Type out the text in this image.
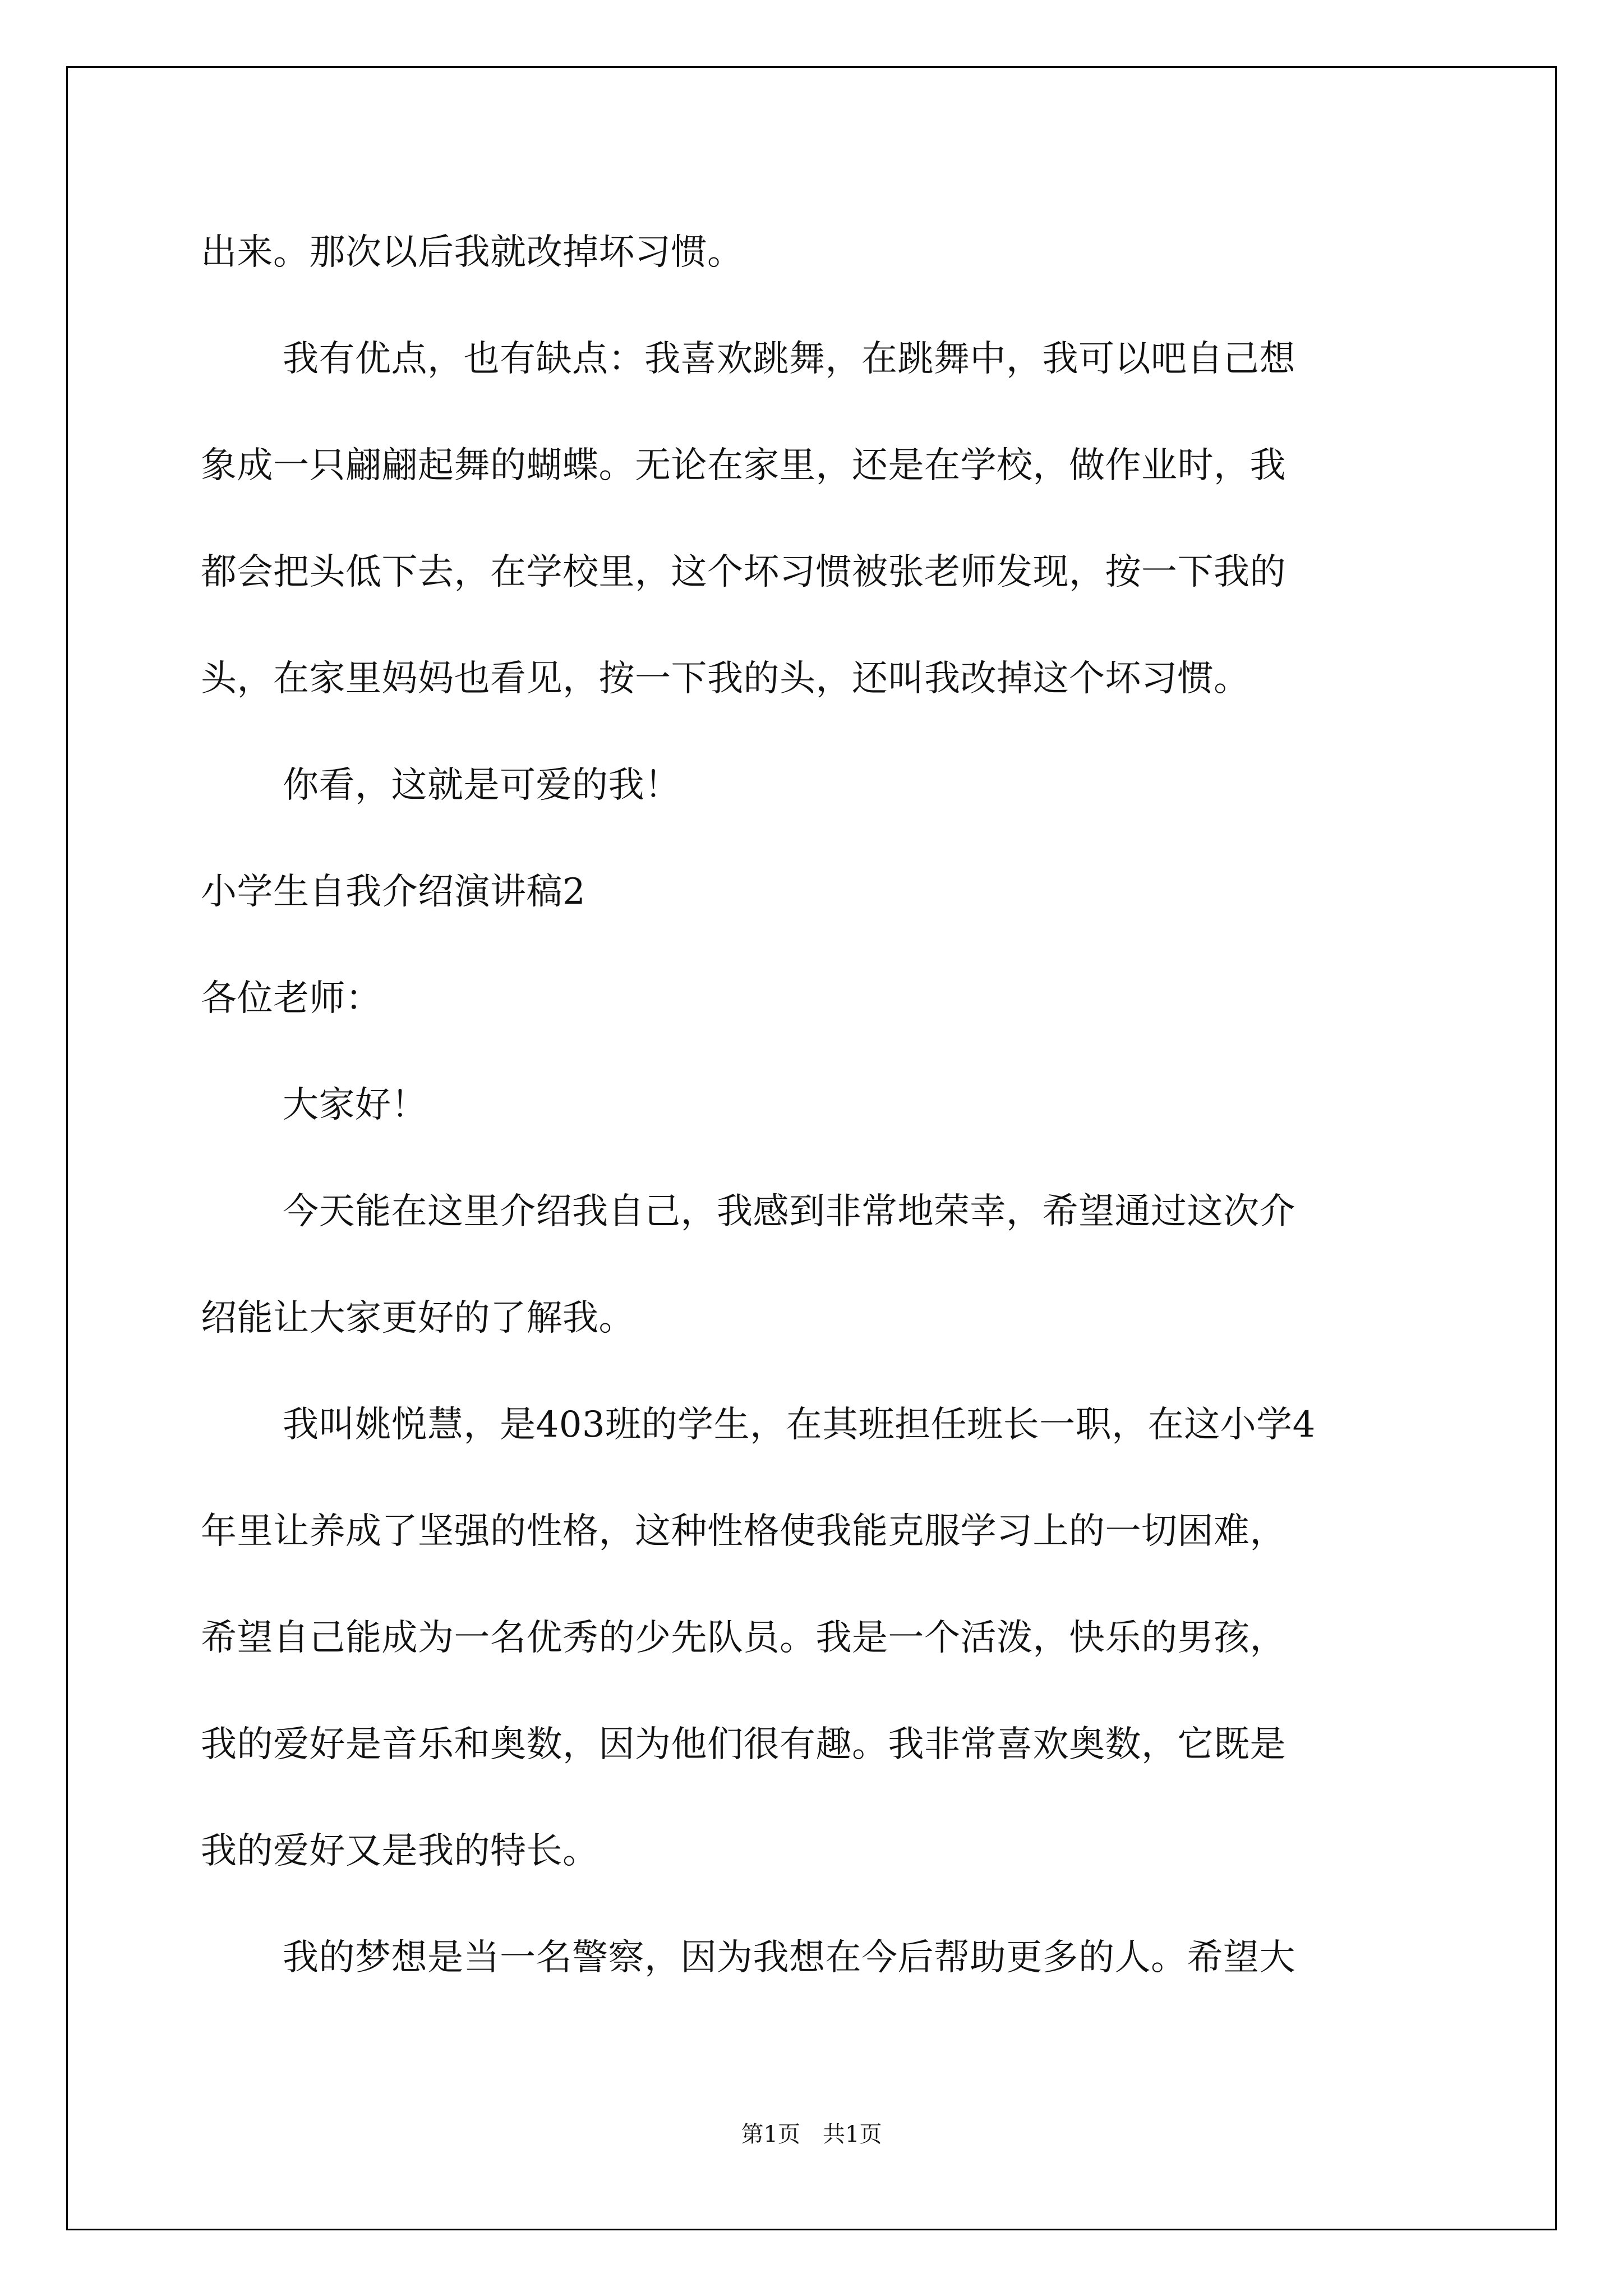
出来。那次以后我就改掉坏习惯。
我有优点，也有缺点：我喜欢跳舞，在跳舞中，我可以吧自己想
象成一只翩翩起舞的蝴蝶。无论在家里，还是在学校，做作业时，我
都会把头低下去，在学校里，这个坏习惯被张老师发现，按一下我的
头，在家里妈妈也看见，按一下我的头，还叫我改掉这个坏习惯。
你看，这就是可爱的我！
小学生自我介绍演讲稿2
各位老师：
大家好！
今天能在这里介绍我自己，我感到非常地荣幸，希望通过这次介
绍能让大家更好的了解我。
我叫姚悦慧，是403班的学生，在其班担任班长一职，在这小学4
年里让养成了坚强的性格，这种性格使我能克服学习上的一切困难，
希望自己能成为一名优秀的少先队员。我是一个活泼，快乐的男孩，
我的爱好是音乐和奥数，因为他们很有趣。我非常喜欢奥数，它既是
我的爱好又是我的特长。
我的梦想是当一名警察，因为我想在今后帮助更多的人。希望大
第1页　共1页
